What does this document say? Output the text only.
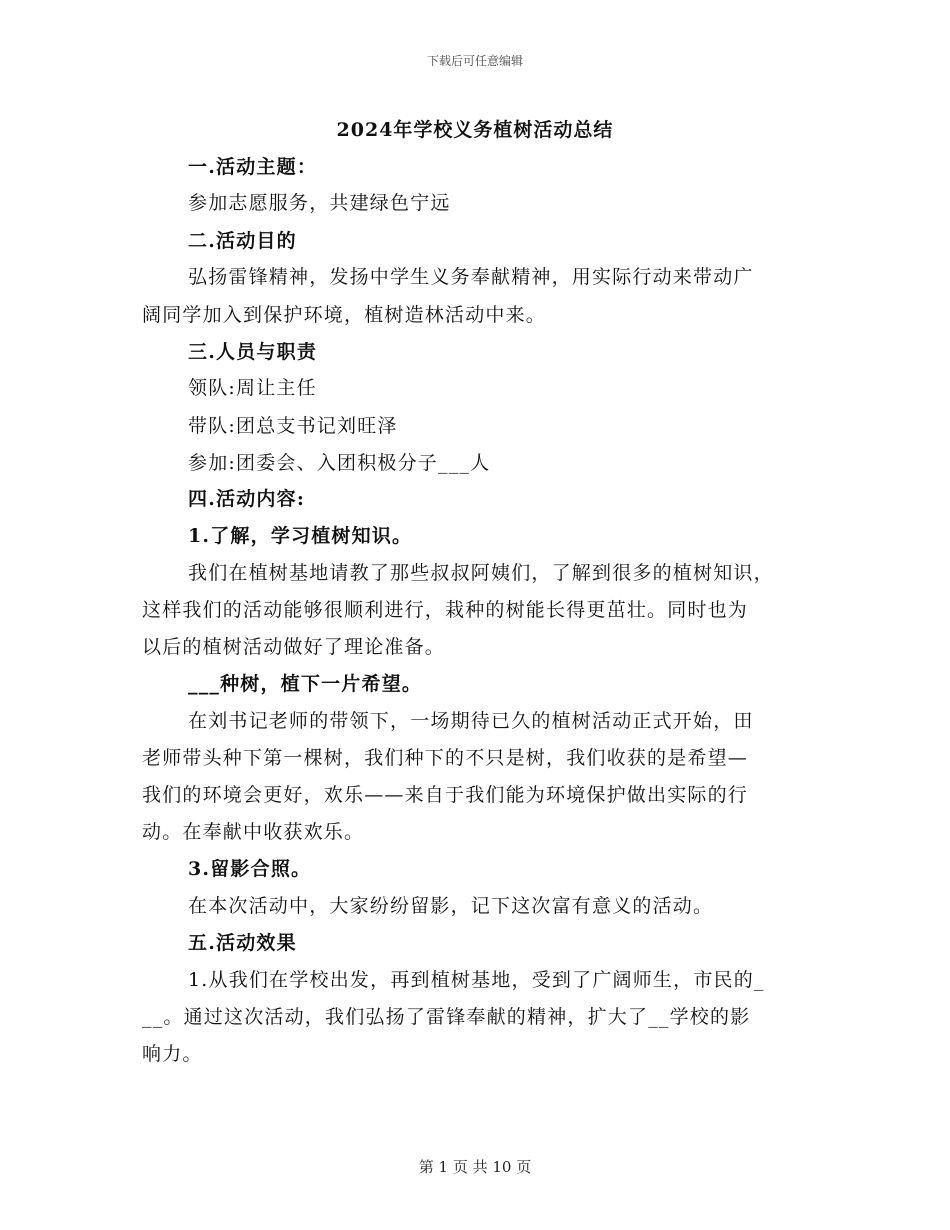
下载后可任意编辑
2024年学校义务植树活动总结
一.活动主题：
参加志愿服务，共建绿色宁远
二.活动目的
弘扬雷锋精神，发扬中学生义务奉献精神，用实际行动来带动广
阔同学加入到保护环境，植树造林活动中来。
三.人员与职责
领队:周让主任
带队:团总支书记刘旺泽
参加:团委会、入团积极分子___人
四.活动内容:
1.了解，学习植树知识。
我们在植树基地请教了那些叔叔阿姨们，了解到很多的植树知识，
这样我们的活动能够很顺利进行，栽种的树能长得更茁壮。同时也为
以后的植树活动做好了理论准备。
___种树，植下一片希望。
在刘书记老师的带领下，一场期待已久的植树活动正式开始，田
老师带头种下第一棵树，我们种下的不只是树，我们收获的是希望—
我们的环境会更好，欢乐——来自于我们能为环境保护做出实际的行
动。在奉献中收获欢乐。
3.留影合照。
在本次活动中，大家纷纷留影，记下这次富有意义的活动。
五.活动效果
1.从我们在学校出发，再到植树基地，受到了广阔师生，市民的_
__。通过这次活动，我们弘扬了雷锋奉献的精神，扩大了__学校的影
响力。
第 1 页 共 10 页
